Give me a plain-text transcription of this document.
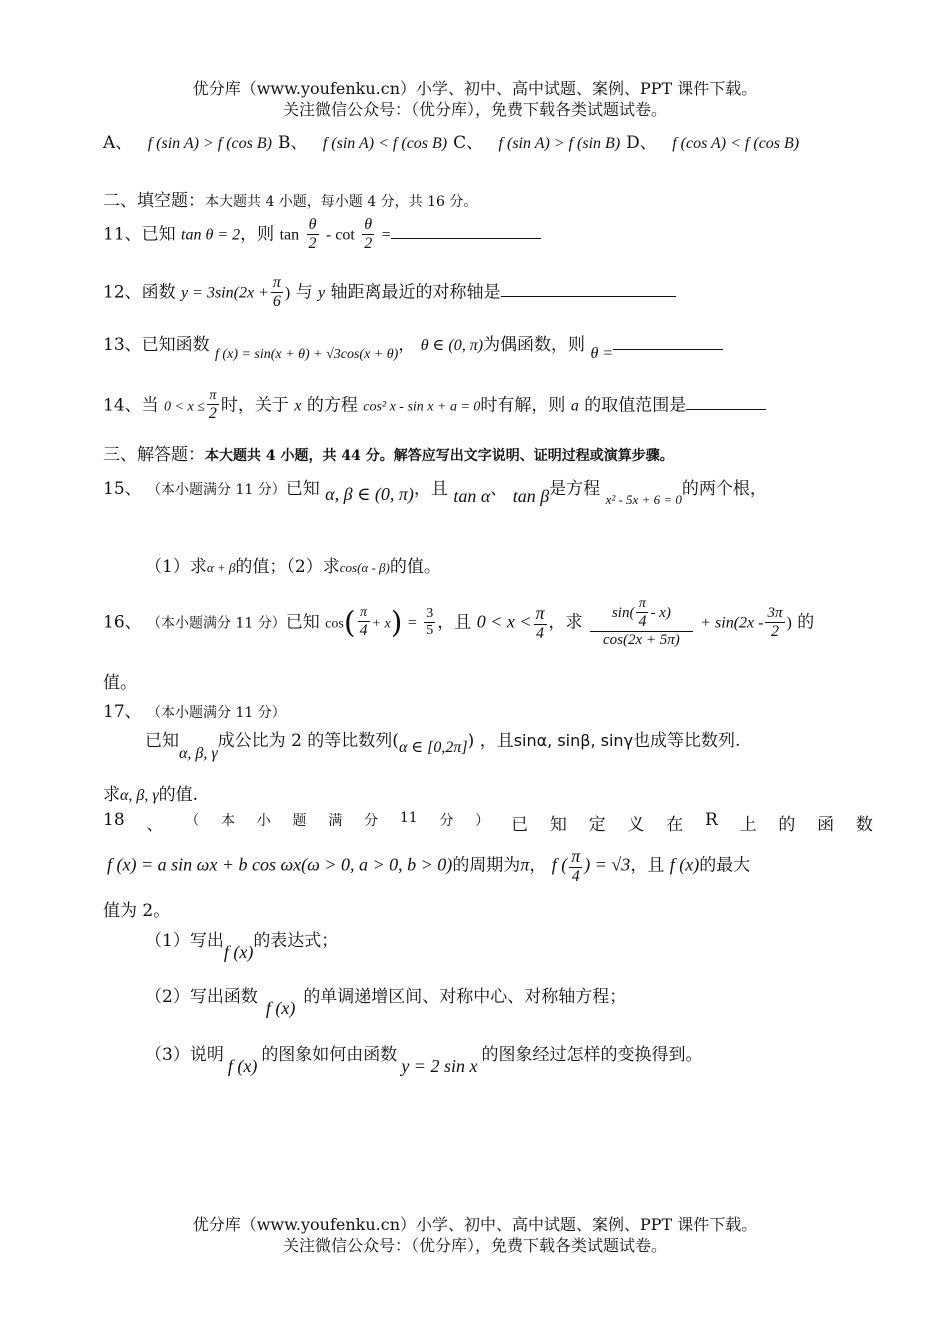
优分库（www.youfenku.cn）小学、初中、高中试题、案例、PPT 课件下载。
关注微信公众号：（优分库），免费下载各类试题试卷。
A、 f (sin A) > f (cos B) B、 f (sin A) < f (cos B) C、 f (sin A) > f (sin B) D、 f (cos A) < f (cos B)
二、填空题：本大题共 4 小题，每小题 4 分，共 16 分。
11、已知 tan θ = 2，则 $\tan \frac{\theta}{2}$ - $\cot \frac{\theta}{2}$ =
12、函数 $y = 3\sin(2x + \frac{\pi}{6}$ ) 与 y 轴距离最近的对称轴是
13、已知函数 $_{f (x) = sin(x + \theta) + √3cos(x + \theta)}$， θ ∈ (0, π)为偶函数，则 θ =
14、当 $0 < x \le \frac{\pi}{2}$ 时，关于 x 的方程 cos² x - sin x + a = 0时有解，则 a 的取值范围是
三、解答题：本大题共 4 小题，共 44 分。解答应写出文字说明、证明过程或演算步骤。
15、 （本小题满分 11 分）已知 α, β ∈ (0, π)，且 tan α、 tan β是方程 $_{x^2 - 5x + 6 = 0}$的两个根，
（1）求α + β的值；（2）求cos(α - β)的值。
16、 （本小题满分 11 分）已知 $\cos( \frac{\pi}{4} + x) = \frac{3}{5}$ ，且 $0 < x < \frac{\pi}{4}$ ，求 $\frac{\sin( \frac{\pi}{4} - x)}{\cos(2x + 5\pi)} + \sin(2x - \frac{3\pi}{2}$ ) 的
值。
17、 （本小题满分 11 分）
已知α, β, γ成公比为 2 的等比数列(α ∈ [0,2π]) ，且sinα, sinβ, sinγ也成等比数列.
求α, β, γ的值.
18 、 （ 本 小 题 满 分 11 分 ） 已 知 定 义 在 R 上 的 函 数
f (x) = a sin ωx + b cos ωx(ω > 0, a > 0, b > 0)的周期为π， f ( $\frac{\pi}{4}$ ) = √3，且 f (x)的最大
值为 2。
（1）写出f (x)的表达式；
（2）写出函数f (x)的单调递增区间、对称中心、对称轴方程；
（3）说明f (x)的图象如何由函数y = 2 sin x的图象经过怎样的变换得到。
优分库（www.youfenku.cn）小学、初中、高中试题、案例、PPT 课件下载。
关注微信公众号：（优分库），免费下载各类试题试卷。
